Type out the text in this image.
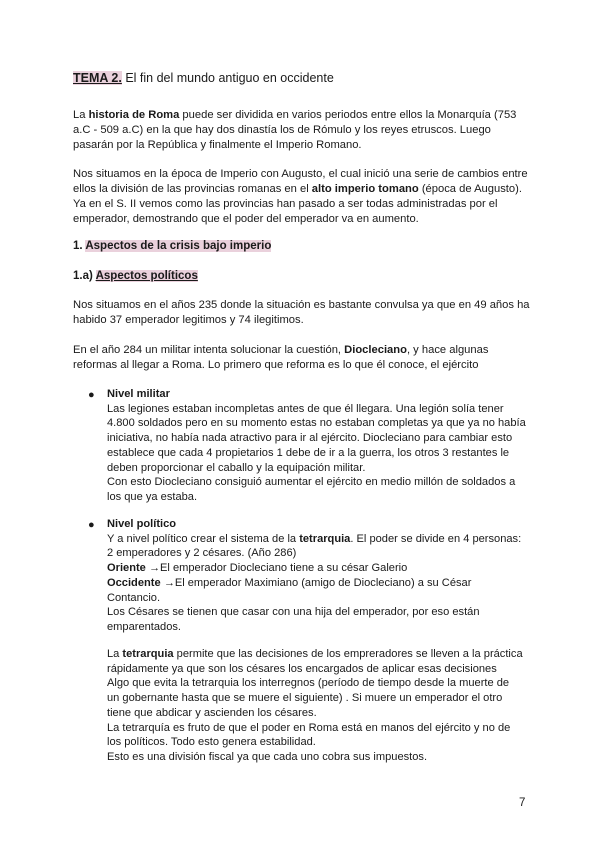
TEMA 2. El fin del mundo antiguo en occidente
La historia de Roma puede ser dividida en varios periodos entre ellos la Monarquía (753
a.C - 509 a.C) en la que hay dos dinastía los de Rómulo y los reyes etruscos. Luego
pasarán por la República y finalmente el Imperio Romano.
Nos situamos en la época de Imperio con Augusto, el cual inició una serie de cambios entre
ellos la división de las provincias romanas en el alto imperio tomano (época de Augusto).
Ya en el S. II vemos como las provincias han pasado a ser todas administradas por el
emperador, demostrando que el poder del emperador va en aumento.
1. Aspectos de la crisis bajo imperio
1.a) Aspectos políticos
Nos situamos en el años 235 donde la situación es bastante convulsa ya que en 49 años ha
habido 37 emperador legitimos y 74 ilegitimos.
En el año 284 un militar intenta solucionar la cuestión, Diocleciano, y hace algunas
reformas al llegar a Roma. Lo primero que reforma es lo que él conoce, el ejército
● Nivel militar
Las legiones estaban incompletas antes de que él llegara. Una legión solía tener
4.800 soldados pero en su momento estas no estaban completas ya que ya no había
iniciativa, no había nada atractivo para ir al ejército. Diocleciano para cambiar esto
establece que cada 4 propietarios 1 debe de ir a la guerra, los otros 3 restantes le
deben proporcionar el caballo y la equipación militar.
Con esto Diocleciano consiguió aumentar el ejército en medio millón de soldados a
los que ya estaba.
● Nivel político
Y a nivel político crear el sistema de la tetrarquia. El poder se divide en 4 personas:
2 emperadores y 2 césares. (Año 286)
Oriente →El emperador Diocleciano tiene a su césar Galerio
Occidente →El emperador Maximiano (amigo de Diocleciano) a su César
Contancio.
Los Césares se tienen que casar con una hija del emperador, por eso están
emparentados.
La tetrarquia permite que las decisiones de los empreradores se lleven a la práctica
rápidamente ya que son los césares los encargados de aplicar esas decisiones
Algo que evita la tetrarquia los interregnos (período de tiempo desde la muerte de
un gobernante hasta que se muere el siguiente) . Si muere un emperador el otro
tiene que abdicar y ascienden los césares.
La tetrarquía es fruto de que el poder en Roma está en manos del ejército y no de
los políticos. Todo esto genera estabilidad.
Esto es una división fiscal ya que cada uno cobra sus impuestos.
7
